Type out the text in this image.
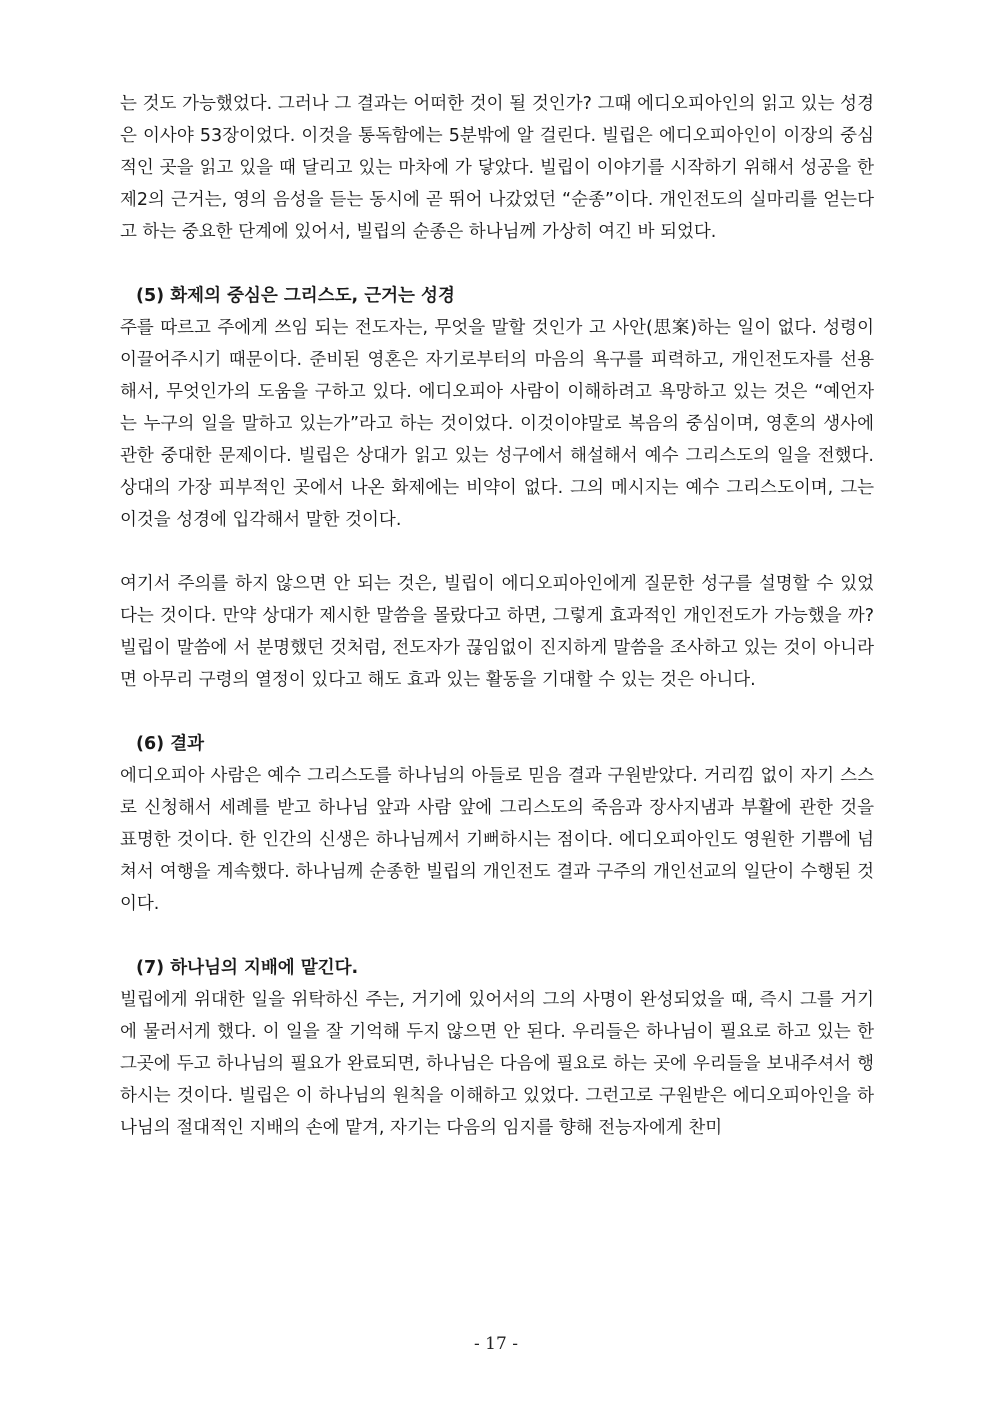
는 것도 가능했었다. 그러나 그 결과는 어떠한 것이 될 것인가? 그때 에디오피아인의 읽고 있는 성경은 이사야 53장이었다. 이것을 통독함에는 5분밖에 알 걸린다. 빌립은 에디오피아인이 이장의 중심적인 곳을 읽고 있을 때 달리고 있는 마차에 가 닿았다. 빌립이 이야기를 시작하기 위해서 성공을 한 제2의 근거는, 영의 음성을 듣는 동시에 곧 뛰어 나갔었던 “순종”이다. 개인전도의 실마리를 얻는다고 하는 중요한 단계에 있어서, 빌립의 순종은 하나님께 가상히 여긴 바 되었다.

(5) 화제의 중심은 그리스도, 근거는 성경

주를 따르고 주에게 쓰임 되는 전도자는, 무엇을 말할 것인가 고 사안(思案)하는 일이 없다. 성령이 이끌어주시기 때문이다. 준비된 영혼은 자기로부터의 마음의 욕구를 피력하고, 개인전도자를 선용해서, 무엇인가의 도움을 구하고 있다. 에디오피아 사람이 이해하려고 욕망하고 있는 것은 “예언자는 누구의 일을 말하고 있는가”라고 하는 것이었다. 이것이야말로 복음의 중심이며, 영혼의 생사에 관한 중대한 문제이다. 빌립은 상대가 읽고 있는 성구에서 해설해서 예수 그리스도의 일을 전했다. 상대의 가장 피부적인 곳에서 나온 화제에는 비약이 없다. 그의 메시지는 예수 그리스도이며, 그는 이것을 성경에 입각해서 말한 것이다.

여기서 주의를 하지 않으면 안 되는 것은, 빌립이 에디오피아인에게 질문한 성구를 설명할 수 있었다는 것이다. 만약 상대가 제시한 말씀을 몰랐다고 하면, 그렇게 효과적인 개인전도가 가능했을 까? 빌립이 말씀에 서 분명했던 것처럼, 전도자가 끊임없이 진지하게 말씀을 조사하고 있는 것이 아니라면 아무리 구령의 열정이 있다고 해도 효과 있는 활동을 기대할 수 있는 것은 아니다.

(6) 결과

에디오피아 사람은 예수 그리스도를 하나님의 아들로 믿음 결과 구원받았다. 거리낌 없이 자기 스스로 신청해서 세례를 받고 하나님 앞과 사람 앞에 그리스도의 죽음과 장사지냄과 부활에 관한 것을 표명한 것이다. 한 인간의 신생은 하나님께서 기뻐하시는 점이다. 에디오피아인도 영원한 기쁨에 넘쳐서 여행을 계속했다. 하나님께 순종한 빌립의 개인전도 결과 구주의 개인선교의 일단이 수행된 것이다.

(7) 하나님의 지배에 맡긴다.

빌립에게 위대한 일을 위탁하신 주는, 거기에 있어서의 그의 사명이 완성되었을 때, 즉시 그를 거기에 물러서게 했다. 이 일을 잘 기억해 두지 않으면 안 된다. 우리들은 하나님이 필요로 하고 있는 한 그곳에 두고 하나님의 필요가 완료되면, 하나님은 다음에 필요로 하는 곳에 우리들을 보내주셔서 행하시는 것이다. 빌립은 이 하나님의 원칙을 이해하고 있었다. 그런고로 구원받은 에디오피아인을 하나님의 절대적인 지배의 손에 맡겨, 자기는 다음의 임지를 향해 전능자에게 찬미

- 17 -
